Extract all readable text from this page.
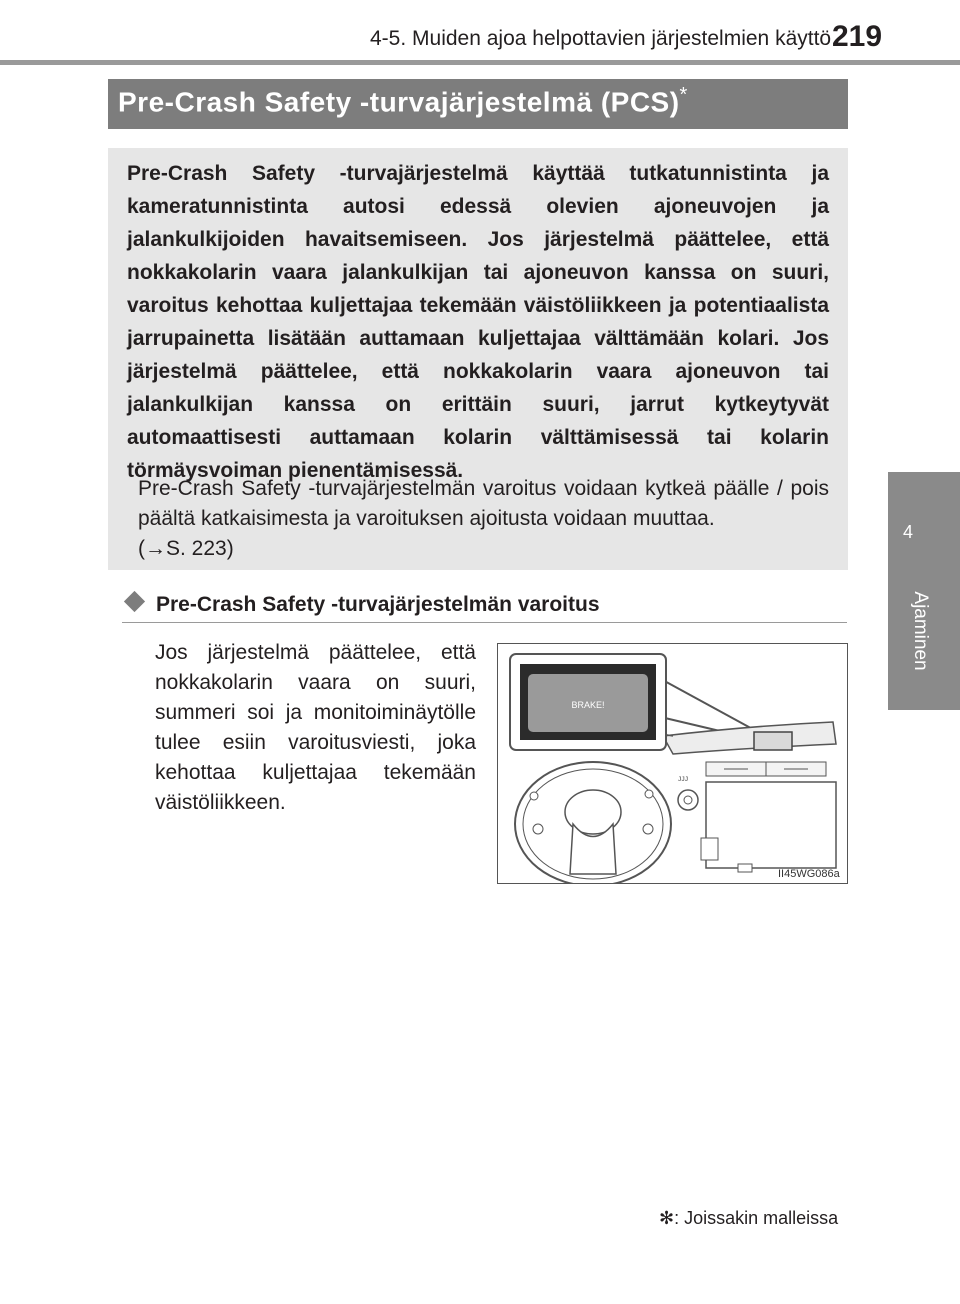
4-5. Muiden ajoa helpottavien järjestelmien käyttö 219
4
Ajaminen
Pre-Crash Safety -turvajärjestelmä (PCS)*
Pre-Crash Safety -turvajärjestelmä käyttää tutkatunnistinta ja kameratunnistinta autosi edessä olevien ajoneuvojen ja jalankulkijoiden havaitsemiseen. Jos järjestelmä päättelee, että nokkakolarin vaara jalankulkijan tai ajoneuvon kanssa on suuri, varoitus kehottaa kuljettajaa tekemään väistöliikkeen ja potentiaalista jarrupainetta lisätään auttamaan kuljettajaa välttämään kolari. Jos järjestelmä päättelee, että nokkakolarin vaara ajoneuvon tai jalankulkijan kanssa on erittäin suuri, jarrut kytkeytyvät automaattisesti auttamaan kolarin välttämisessä tai kolarin törmäysvoiman pienentämisessä.
Pre-Crash Safety -turvajärjestelmän varoitus voidaan kytkeä päälle / pois päältä katkaisimesta ja varoituksen ajoitusta voidaan muuttaa.
(→S. 223)
Pre-Crash Safety -turvajärjestelmän varoitus
Jos järjestelmä päättelee, että nokkakolarin vaara on suuri, summeri soi ja monitoiminäytölle tulee esiin varoitusviesti, joka kehottaa kuljettajaa tekemään väistöliikkeen.
ᴊᴊᴊ
BRAKE!
II45WG086a
✻: Joissakin malleissa
